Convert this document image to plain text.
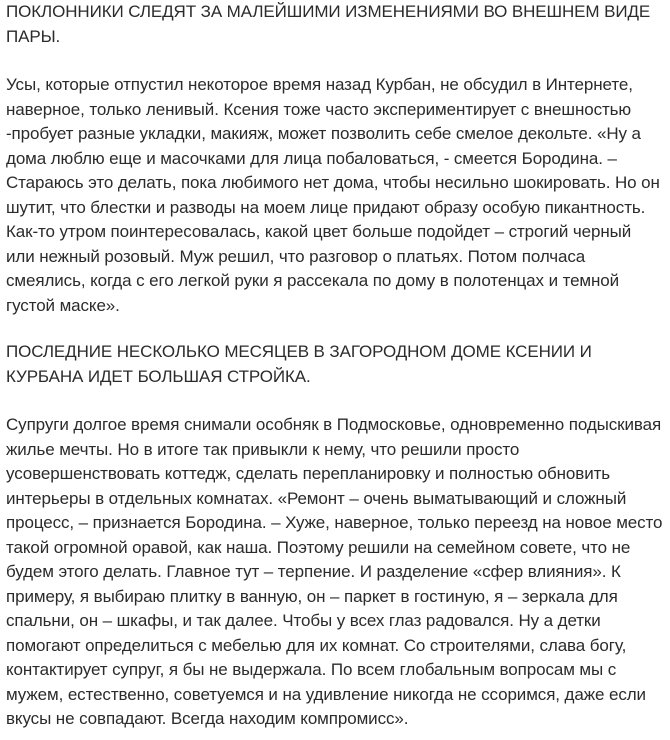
ПОКЛОННИКИ СЛЕДЯТ ЗА МАЛЕЙШИМИ ИЗМЕНЕНИЯМИ ВО ВНЕШНЕМ ВИДЕ ПАРЫ.

Усы, которые отпустил некоторое время назад Курбан, не обсудил в Интернете, наверное, только ленивый. Ксения тоже часто экспериментирует с внешностью -пробует разные укладки, макияж, может позволить себе смелое декольте. «Ну а дома люблю еще и масочками для лица побаловаться, - смеется Бородина. – Стараюсь это делать, пока любимого нет дома, чтобы несильно шокировать. Но он шутит, что блестки и разводы на моем лице придают образу особую пикантность. Как-то утром поинтересовалась, какой цвет больше подойдет – строгий черный или нежный розовый. Муж решил, что разговор о платьях. Потом полчаса смеялись, когда с его легкой руки я рассекала по дому в полотенцах и темной густой маске».

ПОСЛЕДНИЕ НЕСКОЛЬКО МЕСЯЦЕВ В ЗАГОРОДНОМ ДОМЕ КСЕНИИ И КУРБАНА ИДЕТ БОЛЬШАЯ СТРОЙКА.

Супруги долгое время снимали особняк в Подмосковье, одновременно подыскивая жилье мечты. Но в итоге так привыкли к нему, что решили просто усовершенствовать коттедж, сделать перепланировку и полностью обновить интерьеры в отдельных комнатах. «Ремонт – очень выматывающий и сложный процесс, – признается Бородина. – Хуже, наверное, только переезд на новое место такой огромной оравой, как наша. Поэтому решили на семейном совете, что не будем этого делать. Главное тут – терпение. И разделение «сфер влияния». К примеру, я выбираю плитку в ванную, он – паркет в гостиную, я – зеркала для спальни, он – шкафы, и так далее. Чтобы у всех глаз радовался. Ну а детки помогают определиться с мебелью для их комнат. Со строителями, слава богу, контактирует супруг, я бы не выдержала. По всем глобальным вопросам мы с мужем, естественно, советуемся и на удивление никогда не ссоримся, даже если вкусы не совпадают. Всегда находим компромисс».
